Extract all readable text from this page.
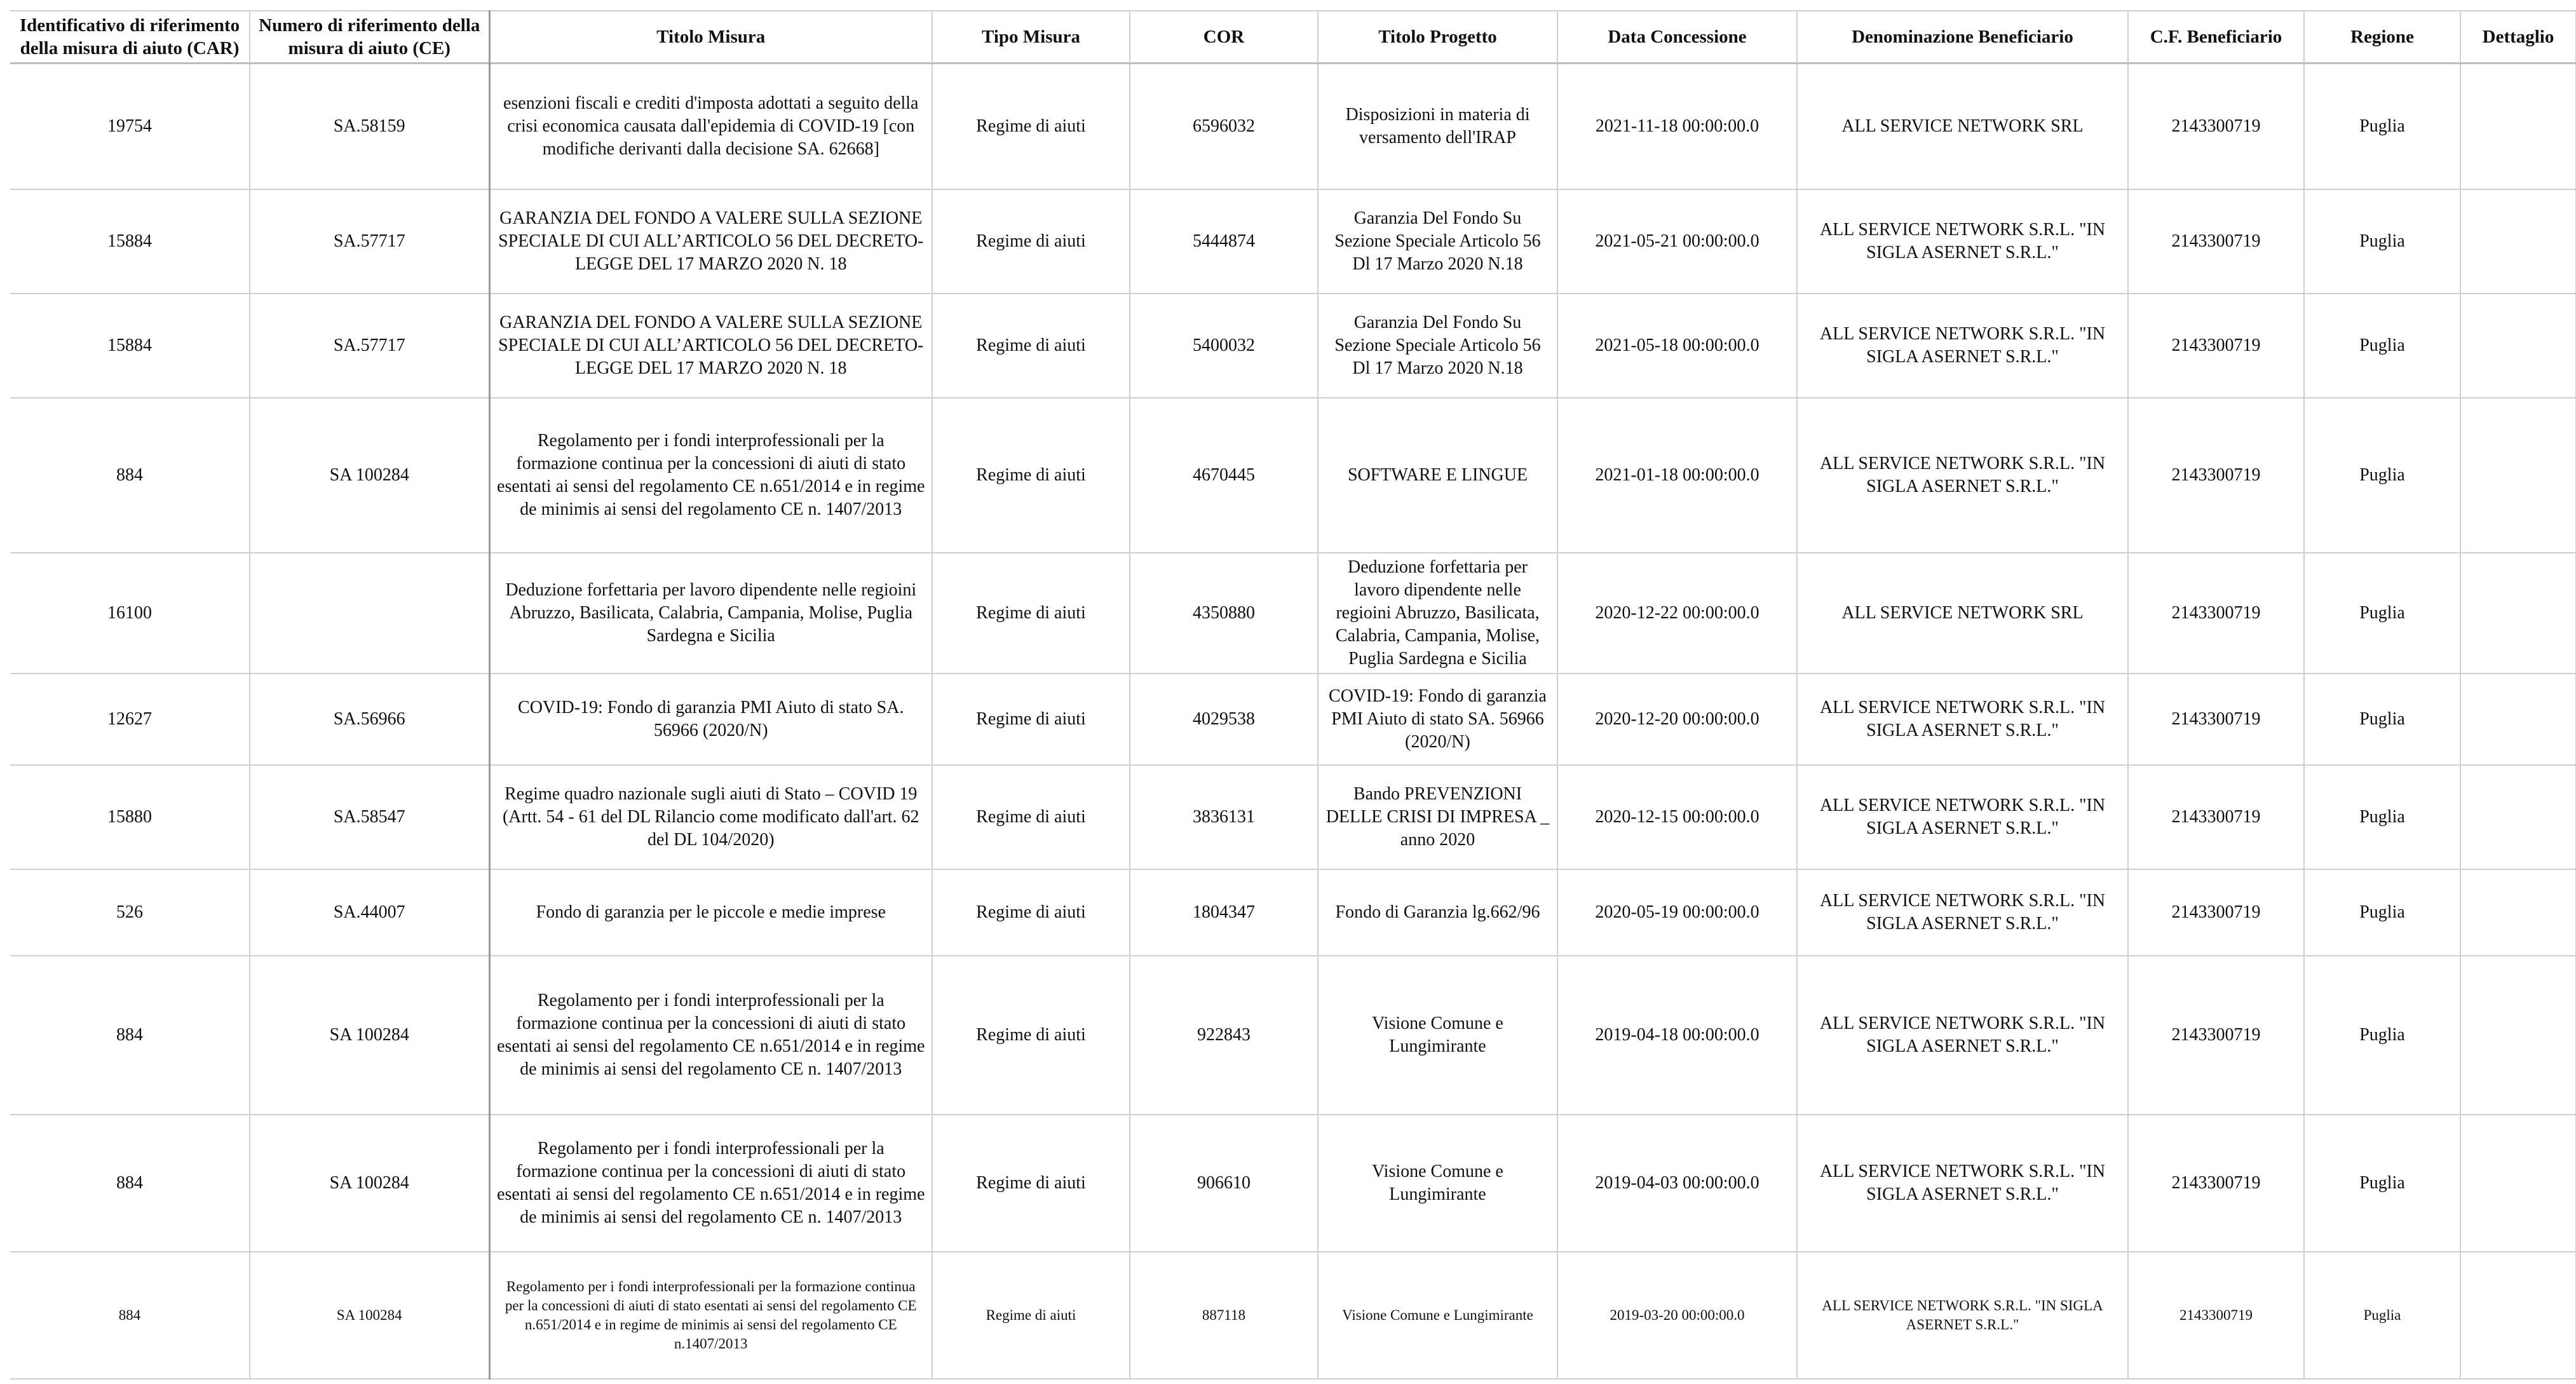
Identificativo di riferimento della misura di aiuto (CAR)	Numero di riferimento della misura di aiuto (CE)	Titolo Misura	Tipo Misura	COR	Titolo Progetto	Data Concessione	Denominazione Beneficiario	C.F. Beneficiario	Regione	Dettaglio
19754	SA.58159	esenzioni fiscali e crediti d'imposta adottati a seguito della crisi economica causata dall'epidemia di COVID-19 [con modifiche derivanti dalla decisione SA. 62668]	Regime di aiuti	6596032	Disposizioni in materia di versamento dell'IRAP	2021-11-18 00:00:00.0	ALL SERVICE NETWORK SRL	2143300719	Puglia	
15884	SA.57717	GARANZIA DEL FONDO A VALERE SULLA SEZIONE SPECIALE DI CUI ALL’ARTICOLO 56 DEL DECRETO-LEGGE DEL 17 MARZO 2020 N. 18	Regime di aiuti	5444874	Garanzia Del Fondo Su Sezione Speciale Articolo 56 Dl 17 Marzo 2020 N.18	2021-05-21 00:00:00.0	ALL SERVICE NETWORK S.R.L. "IN SIGLA ASERNET S.R.L."	2143300719	Puglia	
15884	SA.57717	GARANZIA DEL FONDO A VALERE SULLA SEZIONE SPECIALE DI CUI ALL’ARTICOLO 56 DEL DECRETO-LEGGE DEL 17 MARZO 2020 N. 18	Regime di aiuti	5400032	Garanzia Del Fondo Su Sezione Speciale Articolo 56 Dl 17 Marzo 2020 N.18	2021-05-18 00:00:00.0	ALL SERVICE NETWORK S.R.L. "IN SIGLA ASERNET S.R.L."	2143300719	Puglia	
884	SA 100284	Regolamento per i fondi interprofessionali per la formazione continua per la concessioni di aiuti di stato esentati ai sensi del regolamento CE n.651/2014 e in regime de minimis ai sensi del regolamento CE n. 1407/2013	Regime di aiuti	4670445	SOFTWARE E LINGUE	2021-01-18 00:00:00.0	ALL SERVICE NETWORK S.R.L. "IN SIGLA ASERNET S.R.L."	2143300719	Puglia	
16100		Deduzione forfettaria per lavoro dipendente nelle regioini Abruzzo, Basilicata, Calabria, Campania, Molise, Puglia Sardegna e Sicilia	Regime di aiuti	4350880	Deduzione forfettaria per lavoro dipendente nelle regioini Abruzzo, Basilicata, Calabria, Campania, Molise, Puglia Sardegna e Sicilia	2020-12-22 00:00:00.0	ALL SERVICE NETWORK SRL	2143300719	Puglia	
12627	SA.56966	COVID-19: Fondo di garanzia PMI Aiuto di stato SA. 56966 (2020/N)	Regime di aiuti	4029538	COVID-19: Fondo di garanzia PMI Aiuto di stato SA. 56966 (2020/N)	2020-12-20 00:00:00.0	ALL SERVICE NETWORK S.R.L. "IN SIGLA ASERNET S.R.L."	2143300719	Puglia	
15880	SA.58547	Regime quadro nazionale sugli aiuti di Stato – COVID 19 (Artt. 54 - 61 del DL Rilancio come modificato dall'art. 62 del DL 104/2020)	Regime di aiuti	3836131	Bando PREVENZIONI DELLE CRISI DI IMPRESA _ anno 2020	2020-12-15 00:00:00.0	ALL SERVICE NETWORK S.R.L. "IN SIGLA ASERNET S.R.L."	2143300719	Puglia	
526	SA.44007	Fondo di garanzia per le piccole e medie imprese	Regime di aiuti	1804347	Fondo di Garanzia lg.662/96	2020-05-19 00:00:00.0	ALL SERVICE NETWORK S.R.L. "IN SIGLA ASERNET S.R.L."	2143300719	Puglia	
884	SA 100284	Regolamento per i fondi interprofessionali per la formazione continua per la concessioni di aiuti di stato esentati ai sensi del regolamento CE n.651/2014 e in regime de minimis ai sensi del regolamento CE n. 1407/2013	Regime di aiuti	922843	Visione Comune e Lungimirante	2019-04-18 00:00:00.0	ALL SERVICE NETWORK S.R.L. "IN SIGLA ASERNET S.R.L."	2143300719	Puglia	
884	SA 100284	Regolamento per i fondi interprofessionali per la formazione continua per la concessioni di aiuti di stato esentati ai sensi del regolamento CE n.651/2014 e in regime de minimis ai sensi del regolamento CE n. 1407/2013	Regime di aiuti	906610	Visione Comune e Lungimirante	2019-04-03 00:00:00.0	ALL SERVICE NETWORK S.R.L. "IN SIGLA ASERNET S.R.L."	2143300719	Puglia	
884	SA 100284	Regolamento per i fondi interprofessionali per la formazione continua per la concessioni di aiuti di stato esentati ai sensi del regolamento CE n.651/2014 e in regime de minimis ai sensi del regolamento CE n.1407/2013	Regime di aiuti	887118	Visione Comune e Lungimirante	2019-03-20 00:00:00.0	ALL SERVICE NETWORK S.R.L. "IN SIGLA ASERNET S.R.L."	2143300719	Puglia	
